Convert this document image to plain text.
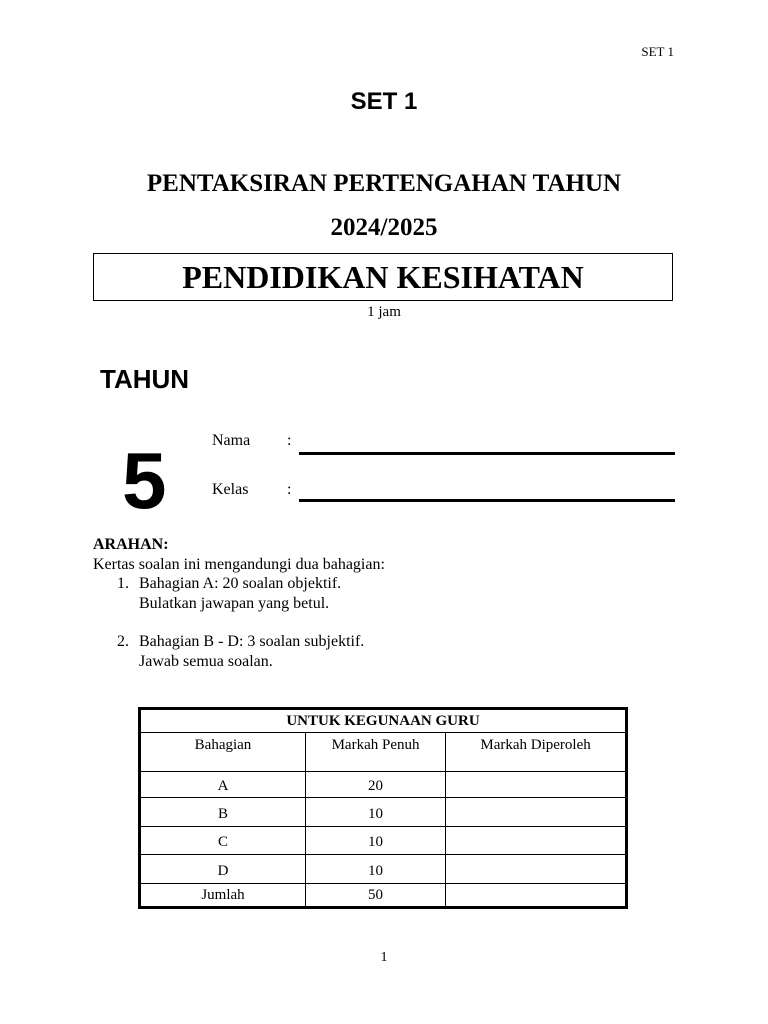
SET 1
SET 1
PENTAKSIRAN PERTENGAHAN TAHUN
2024/2025
PENDIDIKAN KESIHATAN
1 jam
TAHUN
5	Nama :
Kelas :
ARAHAN:
Kertas soalan ini mengandungi dua bahagian:
1. Bahagian A: 20 soalan objektif.
Bulatkan jawapan yang betul.
2. Bahagian B - D: 3 soalan subjektif.
Jawab semua soalan.
UNTUK KEGUNAAN GURU		
Bahagian	Markah Penuh	Markah Diperoleh
A	20	
B	10	
C	10	
D	10	
Jumlah	50	
1
